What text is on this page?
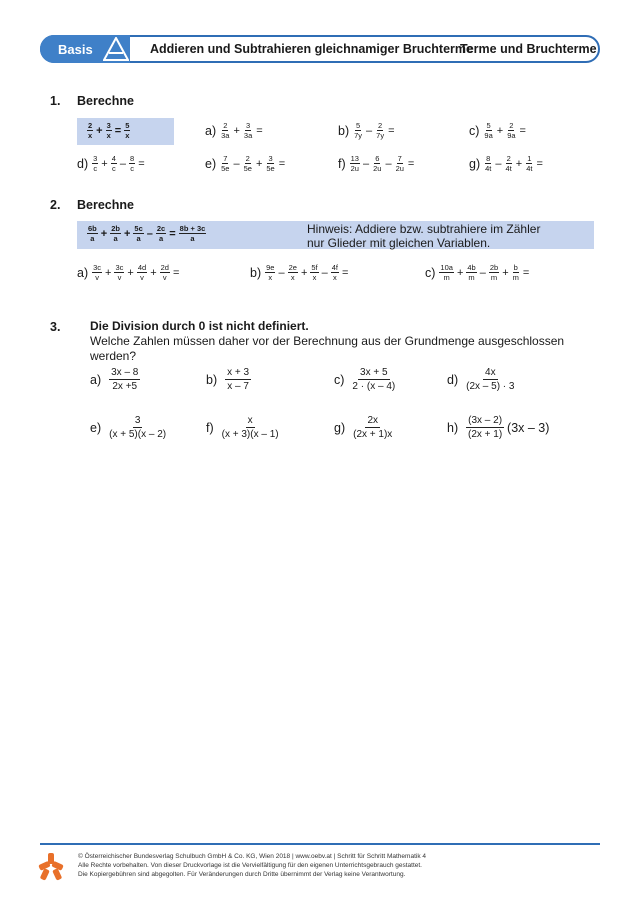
Basis	Addieren und Subtrahieren gleichnamiger Bruchterme
Terme und Bruchterme
1. Berechne
$\frac{2}{x} + \frac{3}{x} = \frac{5}{x}$	$a) \frac{2}{3a} + \frac{3}{3a}$ =	$b) \frac{5}{7y} - \frac{2}{7y}$ =	$c) \frac{5}{9a} + \frac{2}{9a}$ =
$d) \frac{3}{c} + \frac{4}{c} - \frac{8}{c}$ =	$e) \frac{7}{5e} - \frac{2}{5e} + \frac{3}{5e}$ =	$f) \frac{13}{2u} - \frac{6}{2u} - \frac{7}{2u}$ =	$g) \frac{8}{4t} - \frac{2}{4t} + \frac{1}{4t}$ =
2. Berechne
$\frac{6b}{a} + \frac{2b}{a} + \frac{5c}{a} - \frac{2c}{a} = \frac{8b + 3c}{a}$	Hinweis: Addiere bzw. subtrahiere im Zähler
nur Glieder mit gleichen Variablen.
$a) \frac{3c}{v} + \frac{3c}{v} + \frac{4d}{v} + \frac{2d}{v}$ =	$b) \frac{9e}{x} - \frac{2e}{x} + \frac{5f}{x} - \frac{4f}{x}$ =	$c) \frac{10a}{m} + \frac{4b}{m} - \frac{2b}{m} + \frac{b}{m}$ =
3. Die Division durch 0 ist nicht definiert.
Welche Zahlen müssen daher vor der Berechnung aus der Grundmenge ausgeschlossen
werden?
$a) \frac{3x - 8}{2x +5}$	$b) \frac{x + 3}{x - 7}$	$c) \frac{3x + 5}{2 \cdot (x - 4)}$	$d) \frac{4x}{(2x - 5) \cdot 3}$
$e) \frac{3}{(x + 5)(x - 2)}$	$f) \frac{x}{(x + 3)(x - 1)}$	$g) \frac{2x}{(2x + 1)x}$	$h) \frac{(3x - 2)}{(2x + 1)} (3x - 3)$
© Österreichischer Bundesverlag Schulbuch GmbH & Co. KG, Wien 2018 | www.oebv.at | Schritt für Schritt Mathematik 4
Alle Rechte vorbehalten. Von dieser Druckvorlage ist die Vervielfältigung für den eigenen Unterrichtsgebrauch gestattet.
Die Kopiergebühren sind abgegolten. Für Veränderungen durch Dritte übernimmt der Verlag keine Verantwortung.
